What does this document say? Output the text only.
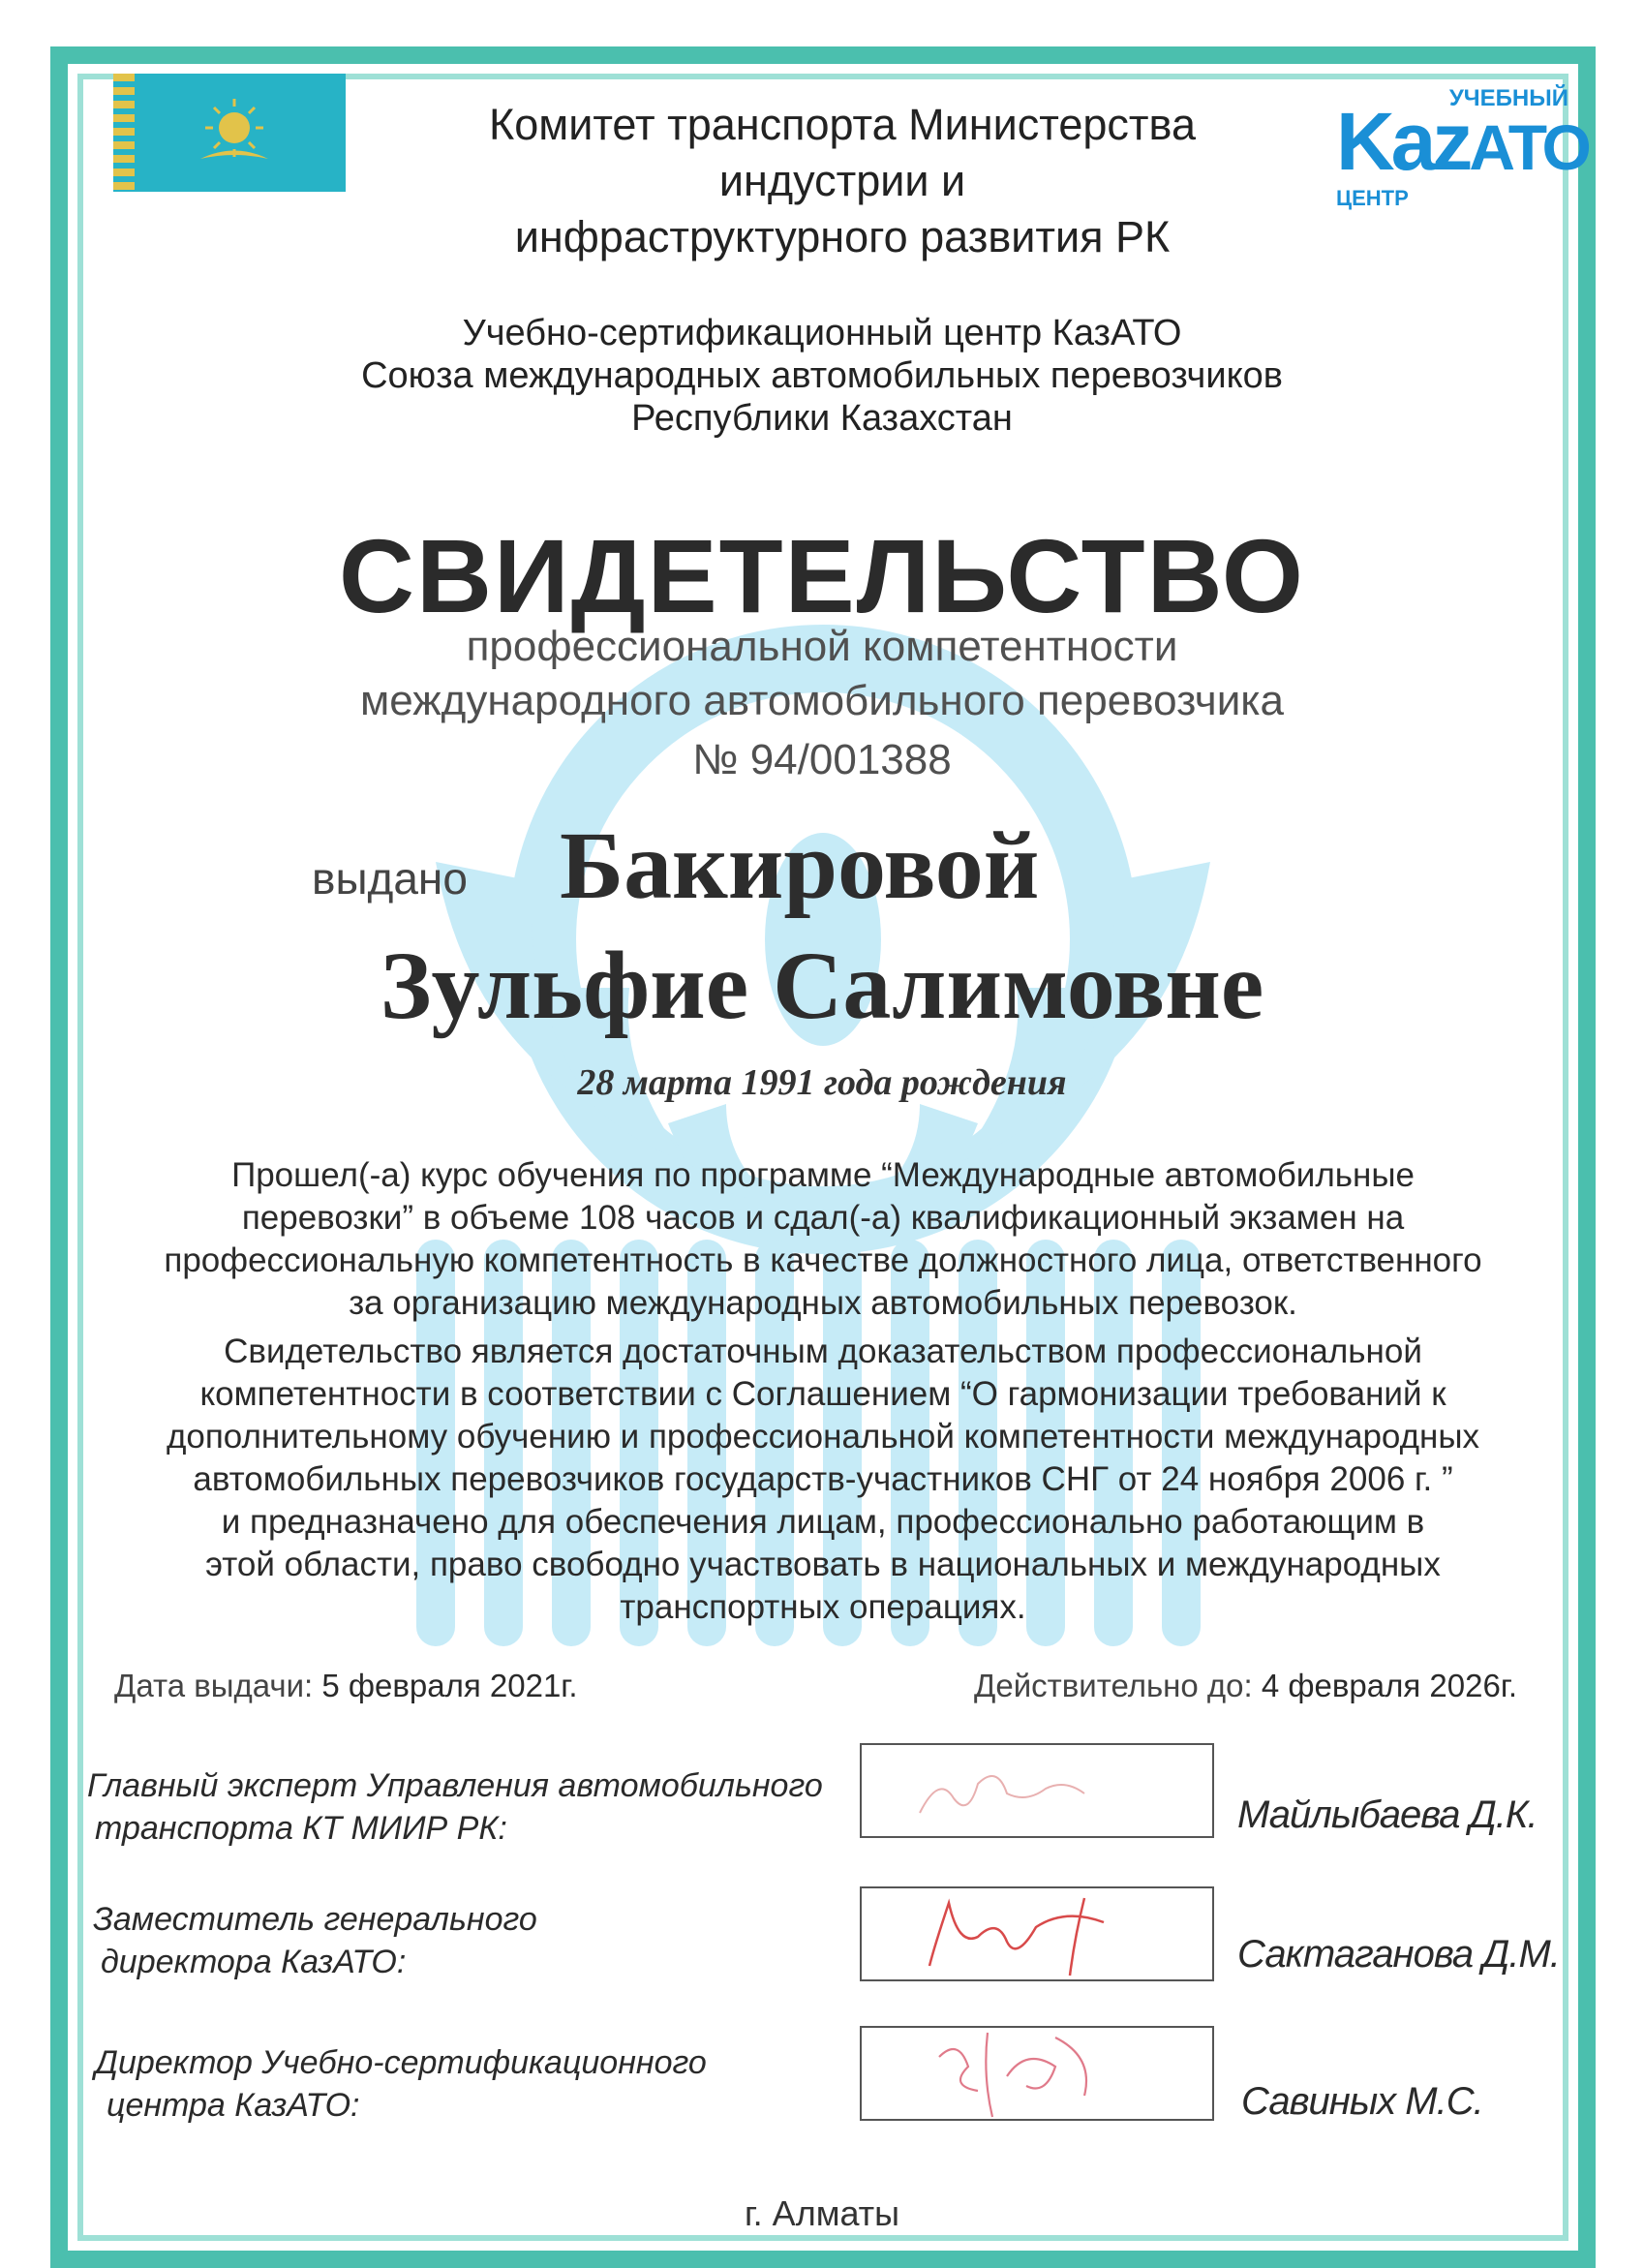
Комитет транспорта Министерства индустрии и
инфраструктурного развития РК
УЧЕБНЫЙ
KazАТО
ЦЕНТР
Учебно-сертификационный центр КазАТО
Союза международных автомобильных перевозчиков
Республики Казахстан
СВИДЕТЕЛЬСТВО
профессиональной компетентности
международного автомобильного перевозчика
№ 94/001388
выдано Бакировой
Зульфие Салимовне
28 марта 1991 года рождения
Прошел(-а) курс обучения по программе “Международные автомобильные
перевозки” в объеме 108 часов и сдал(-а) квалификационный экзамен на
профессиональную компетентность в качестве должностного лица, ответственного
за организацию международных автомобильных перевозок.
Свидетельство является достаточным доказательством профессиональной
компетентности в соответствии с Соглашением “О гармонизации требований к
дополнительному обучению и профессиональной компетентности международных
автомобильных перевозчиков государств-участников СНГ от 24 ноября 2006 г. ”
и предназначено для обеспечения лицам, профессионально работающим в
этой области, право свободно участвовать в национальных и международных
транспортных операциях.
Дата выдачи: 5 февраля 2021г.	Действительно до: 4 февраля 2026г.
Главный эксперт Управления автомобильного
транспорта КТ МИИР РК:	Майлыбаева Д.К.
Заместитель генерального
директора КазАТО:	Сактаганова Д.М.
Директор Учебно-сертификационного
центра КазАТО:	Савиных М.С.
г. Алматы
